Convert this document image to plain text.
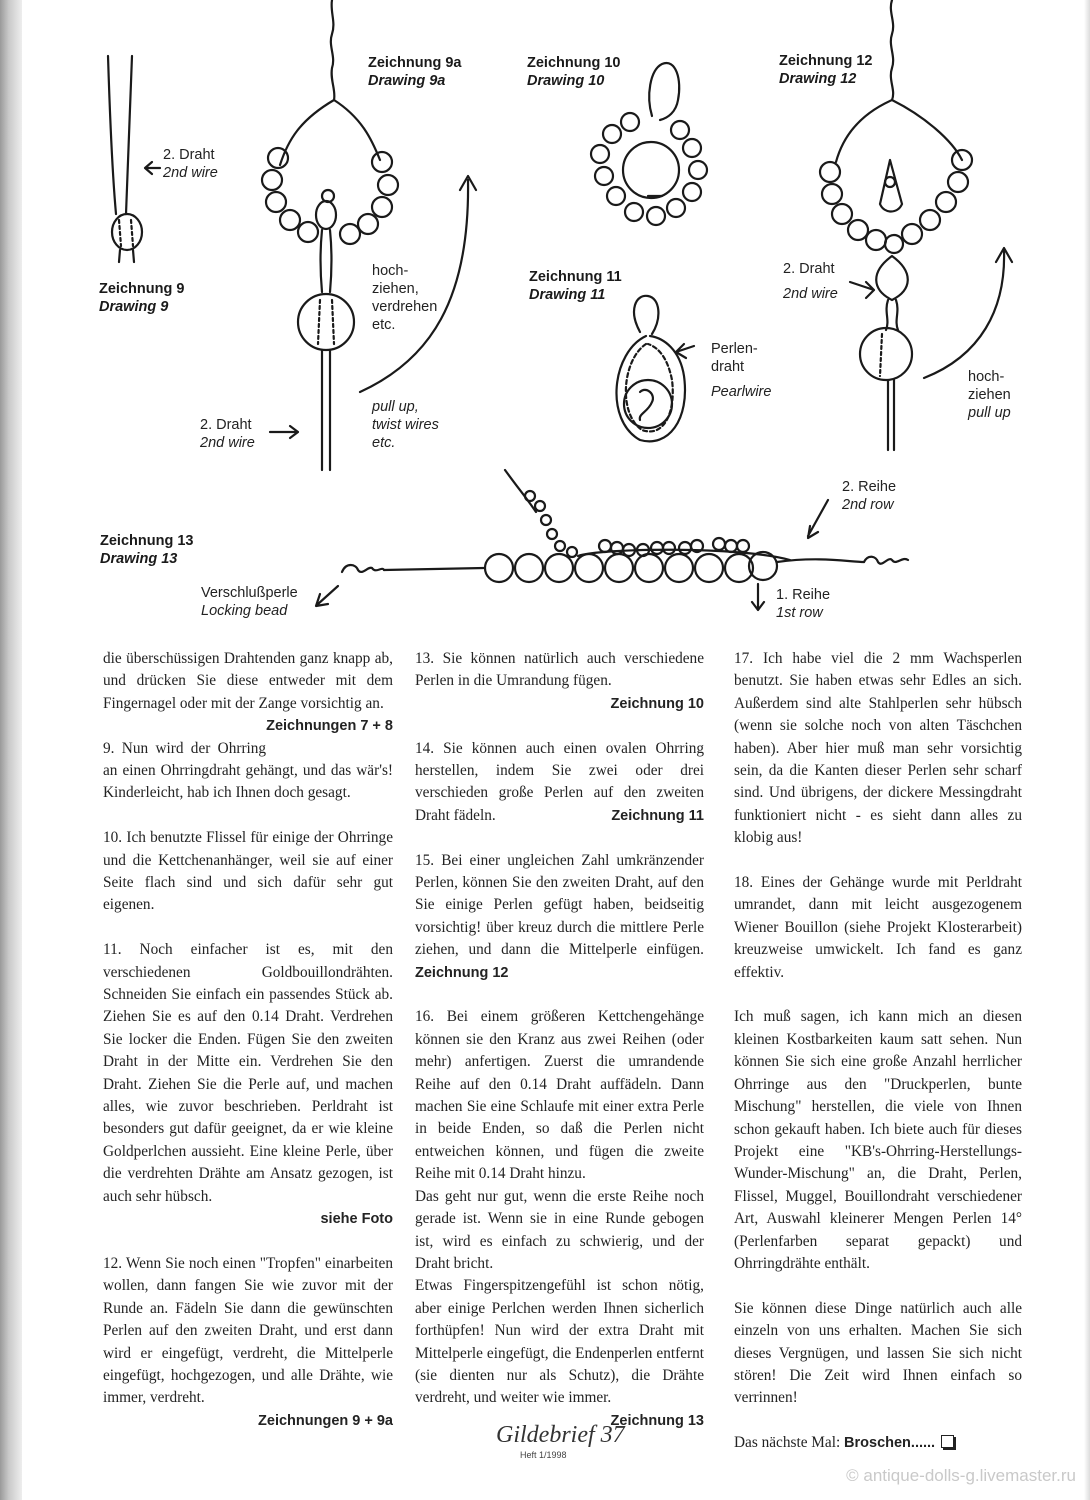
2. Draht
2nd wire
Zeichnung 9
Drawing 9
Zeichnung 9a
Drawing 9a
hoch-
ziehen,
verdrehen
etc.
pull up,
twist wires
etc.
2. Draht
2nd wire
Zeichnung 10
Drawing 10
Zeichnung 11
Drawing 11
Perlen-
draht
Pearlwire
Zeichnung 12
Drawing 12
2. Draht
2nd wire
hoch-
ziehen
pull up
Zeichnung 13
Drawing 13
2. Reihe
2nd row
1. Reihe
1st row
Verschlußperle
Locking bead

die überschüssigen Drahtenden ganz knapp ab, und drücken Sie diese entweder mit dem Fingernagel oder mit der Zange vorsichtig an.
Zeichnungen 7 + 8

9. Nun wird der Ohrring an einen Ohrringdraht gehängt, und das wär's! Kinderleicht, hab ich Ihnen doch gesagt.

10. Ich benutzte Flissel für einige der Ohrringe und die Kettchenanhänger, weil sie auf einer Seite flach sind und sich dafür sehr gut eigenen.

11. Noch einfacher ist es, mit den verschiedenen Goldbouillondrähten. Schneiden Sie einfach ein passendes Stück ab. Ziehen Sie es auf den 0.14 Draht. Verdrehen Sie locker die Enden. Fügen Sie den zweiten Draht in der Mitte ein. Verdrehen Sie den Draht. Ziehen Sie die Perle auf, und machen alles, wie zuvor beschrieben. Perldraht ist besonders gut dafür geeignet, da er wie kleine Goldperlchen aussieht. Eine kleine Perle, über die verdrehten Drähte am Ansatz gezogen, ist auch sehr hübsch.
siehe Foto

12. Wenn Sie noch einen "Tropfen" einarbeiten wollen, dann fangen Sie wie zuvor mit der Runde an. Fädeln Sie dann die gewünschten Perlen auf den zweiten Draht, und erst dann wird er eingefügt, verdreht, die Mittelperle eingefügt, hochgezogen, und alle Drähte, wie immer, verdreht.
Zeichnungen 9 + 9a

13. Sie können natürlich auch verschiedene Perlen in die Umrandung fügen.
Zeichnung 10

14. Sie können auch einen ovalen Ohrring herstellen, indem Sie zwei oder drei verschieden große Perlen auf den zweiten Draht fädeln.	Zeichnung 11

15. Bei einer ungleichen Zahl umkränzender Perlen, können Sie den zweiten Draht, auf den Sie einige Perlen gefügt haben, beidseitig vorsichtig! über kreuz durch die mittlere Perle ziehen, und dann die Mittelperle einfügen. Zeichnung 12

16. Bei einem größeren Kettchengehänge können sie den Kranz aus zwei Reihen (oder mehr) anfertigen. Zuerst die umrandende Reihe auf den 0.14 Draht auffädeln. Dann machen Sie eine Schlaufe mit einer extra Perle in beide Enden, so daß die Perlen nicht entweichen können, und fügen die zweite Reihe mit 0.14 Draht hinzu.

Das geht nur gut, wenn die erste Reihe noch gerade ist. Wenn sie in eine Runde gebogen ist, wird es einfach zu schwierig, und der Draht bricht.

Etwas Fingerspitzengefühl ist schon nötig, aber einige Perlchen werden Ihnen sicherlich forthüpfen! Nun wird der extra Draht mit Mittelperle eingefügt, die Endenperlen entfernt (sie dienten nur als Schutz), die Drähte verdreht, und weiter wie immer.
Zeichnung 13

17. Ich habe viel die 2 mm Wachsperlen benutzt. Sie haben etwas sehr Edles an sich. Außerdem sind alte Stahlperlen sehr hübsch (wenn sie solche noch von alten Täschchen haben). Aber hier muß man sehr vorsichtig sein, da die Kanten dieser Perlen sehr scharf sind. Und übrigens, der dickere Messingdraht funktioniert nicht - es sieht dann alles zu klobig aus!

18. Eines der Gehänge wurde mit Perldraht umrandet, dann mit leicht ausgezogenem Wiener Bouillon (siehe Projekt Klosterarbeit) kreuzweise umwickelt. Ich fand es ganz effektiv.

Ich muß sagen, ich kann mich an diesen kleinen Kostbarkeiten kaum satt sehen. Nun können Sie sich eine große Anzahl herrlicher Ohrringe aus den "Druckperlen, bunte Mischung" herstellen, die viele von Ihnen schon gekauft haben. Ich biete auch für dieses Projekt eine "KB's-Ohrring-Herstellungs-Wunder-Mischung" an, die Draht, Perlen, Flissel, Muggel, Bouillondraht verschiedener Art, Auswahl kleinerer Mengen Perlen 14° (Perlenfarben separat gepackt) und Ohrringdrähte enthält.

Sie können diese Dinge natürlich auch alle einzeln von uns erhalten. Machen Sie sich dieses Vergnügen, und lassen Sie sich nicht stören! Die Zeit wird Ihnen einfach so verrinnen!

Das nächste Mal: Broschen......

Gildebrief 37
Heft 1/1998
© antique-dolls-g.livemaster.ru
